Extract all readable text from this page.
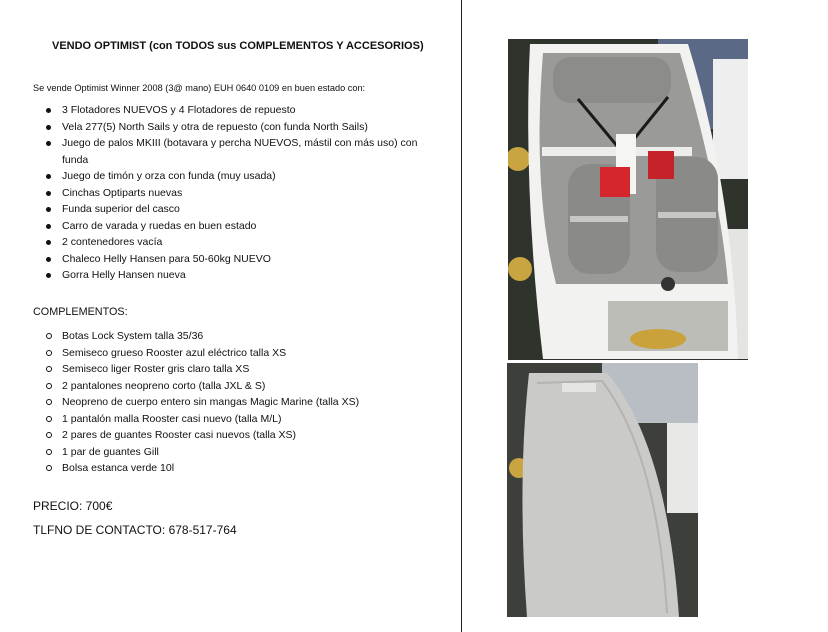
VENDO OPTIMIST (con TODOS sus COMPLEMENTOS Y ACCESORIOS)
Se vende Optimist Winner 2008 (3@ mano) EUH 0640 0109 en buen estado con:
3 Flotadores NUEVOS y 4 Flotadores de repuesto
Vela 277(5) North Sails y otra de repuesto (con funda North Sails)
Juego de palos MKIII (botavara y percha NUEVOS, mástil con más uso) con funda
Juego de timón y orza con funda (muy usada)
Cinchas Optiparts nuevas
Funda superior del casco
Carro de varada y ruedas en buen estado
2 contenedores vacía
Chaleco Helly Hansen para 50-60kg NUEVO
Gorra Helly Hansen nueva
COMPLEMENTOS:
Botas Lock System talla 35/36
Semiseco grueso Rooster azul eléctrico talla XS
Semiseco liger Roster gris claro talla XS
2 pantalones neopreno corto (talla JXL & S)
Neopreno de cuerpo entero sin mangas Magic Marine (talla XS)
1 pantalón malla Rooster casi nuevo (talla M/L)
2 pares de guantes Rooster casi nuevos (talla XS)
1 par de guantes Gill
Bolsa estanca verde 10l
PRECIO: 700€
TLFNO DE CONTACTO: 678-517-764
